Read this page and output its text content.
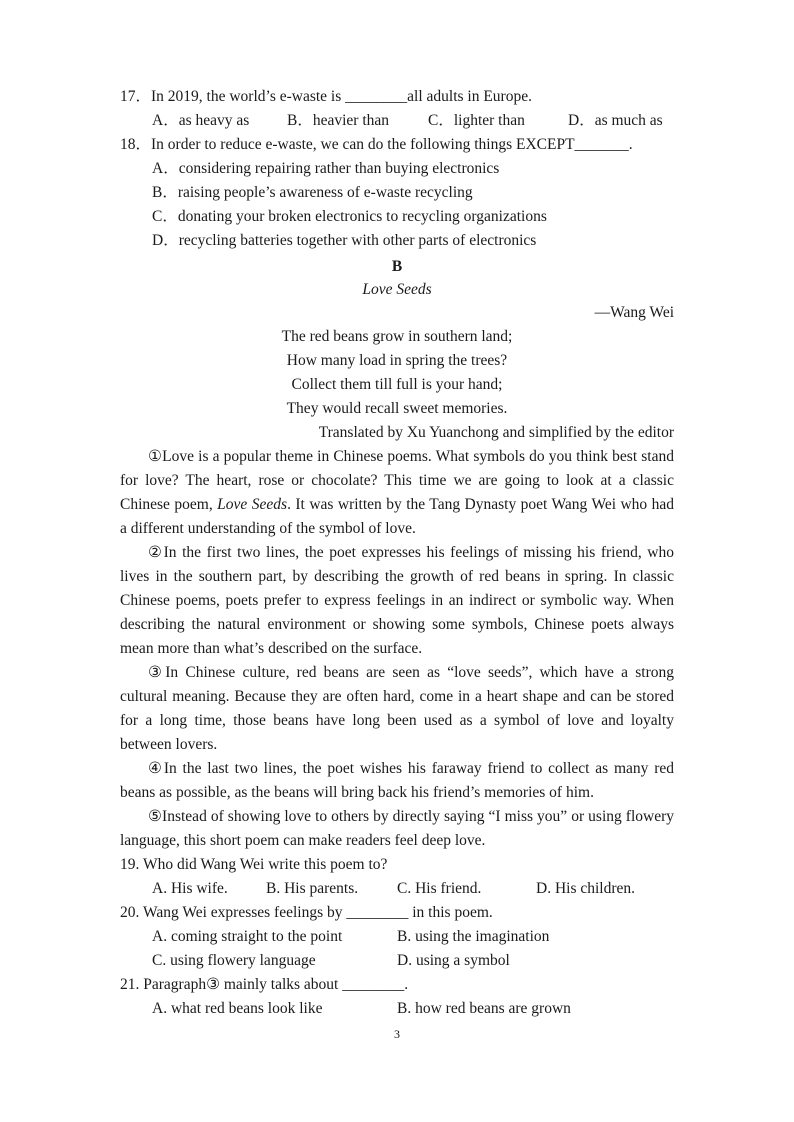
17．In 2019, the world’s e-waste is ________all adults in Europe.
A．as heavy as B．heavier than	C．lighter than	D．as much as
18．In order to reduce e-waste, we can do the following things EXCEPT_______.
A．considering repairing rather than buying electronics
B．raising people’s awareness of e-waste recycling
C．donating your broken electronics to recycling organizations
D．recycling batteries together with other parts of electronics
B
Love Seeds
—Wang Wei
The red beans grow in southern land;
How many load in spring the trees?
Collect them till full is your hand;
They would recall sweet memories.
Translated by Xu Yuanchong and simplified by the editor
①Love is a popular theme in Chinese poems. What symbols do you think best stand for love? The heart, rose or chocolate? This time we are going to look at a classic Chinese poem, Love Seeds. It was written by the Tang Dynasty poet Wang Wei who had a different understanding of the symbol of love.
②In the first two lines, the poet expresses his feelings of missing his friend, who lives in the southern part, by describing the growth of red beans in spring. In classic Chinese poems, poets prefer to express feelings in an indirect or symbolic way. When describing the natural environment or showing some symbols, Chinese poets always mean more than what’s described on the surface.
③In Chinese culture, red beans are seen as “love seeds”, which have a strong cultural meaning. Because they are often hard, come in a heart shape and can be stored for a long time, those beans have long been used as a symbol of love and loyalty between lovers.
④In the last two lines, the poet wishes his faraway friend to collect as many red beans as possible, as the beans will bring back his friend’s memories of him.
⑤Instead of showing love to others by directly saying “I miss you” or using flowery language, this short poem can make readers feel deep love.
19. Who did Wang Wei write this poem to?
A. His wife. B. His parents.	C. His friend.	D. His children.
20. Wang Wei expresses feelings by ________ in this poem.
A. coming straight to the point	B. using the imagination
C. using flowery language	D. using a symbol
21. Paragraph③ mainly talks about ________.
A. what red beans look like	B. how red beans are grown
3
